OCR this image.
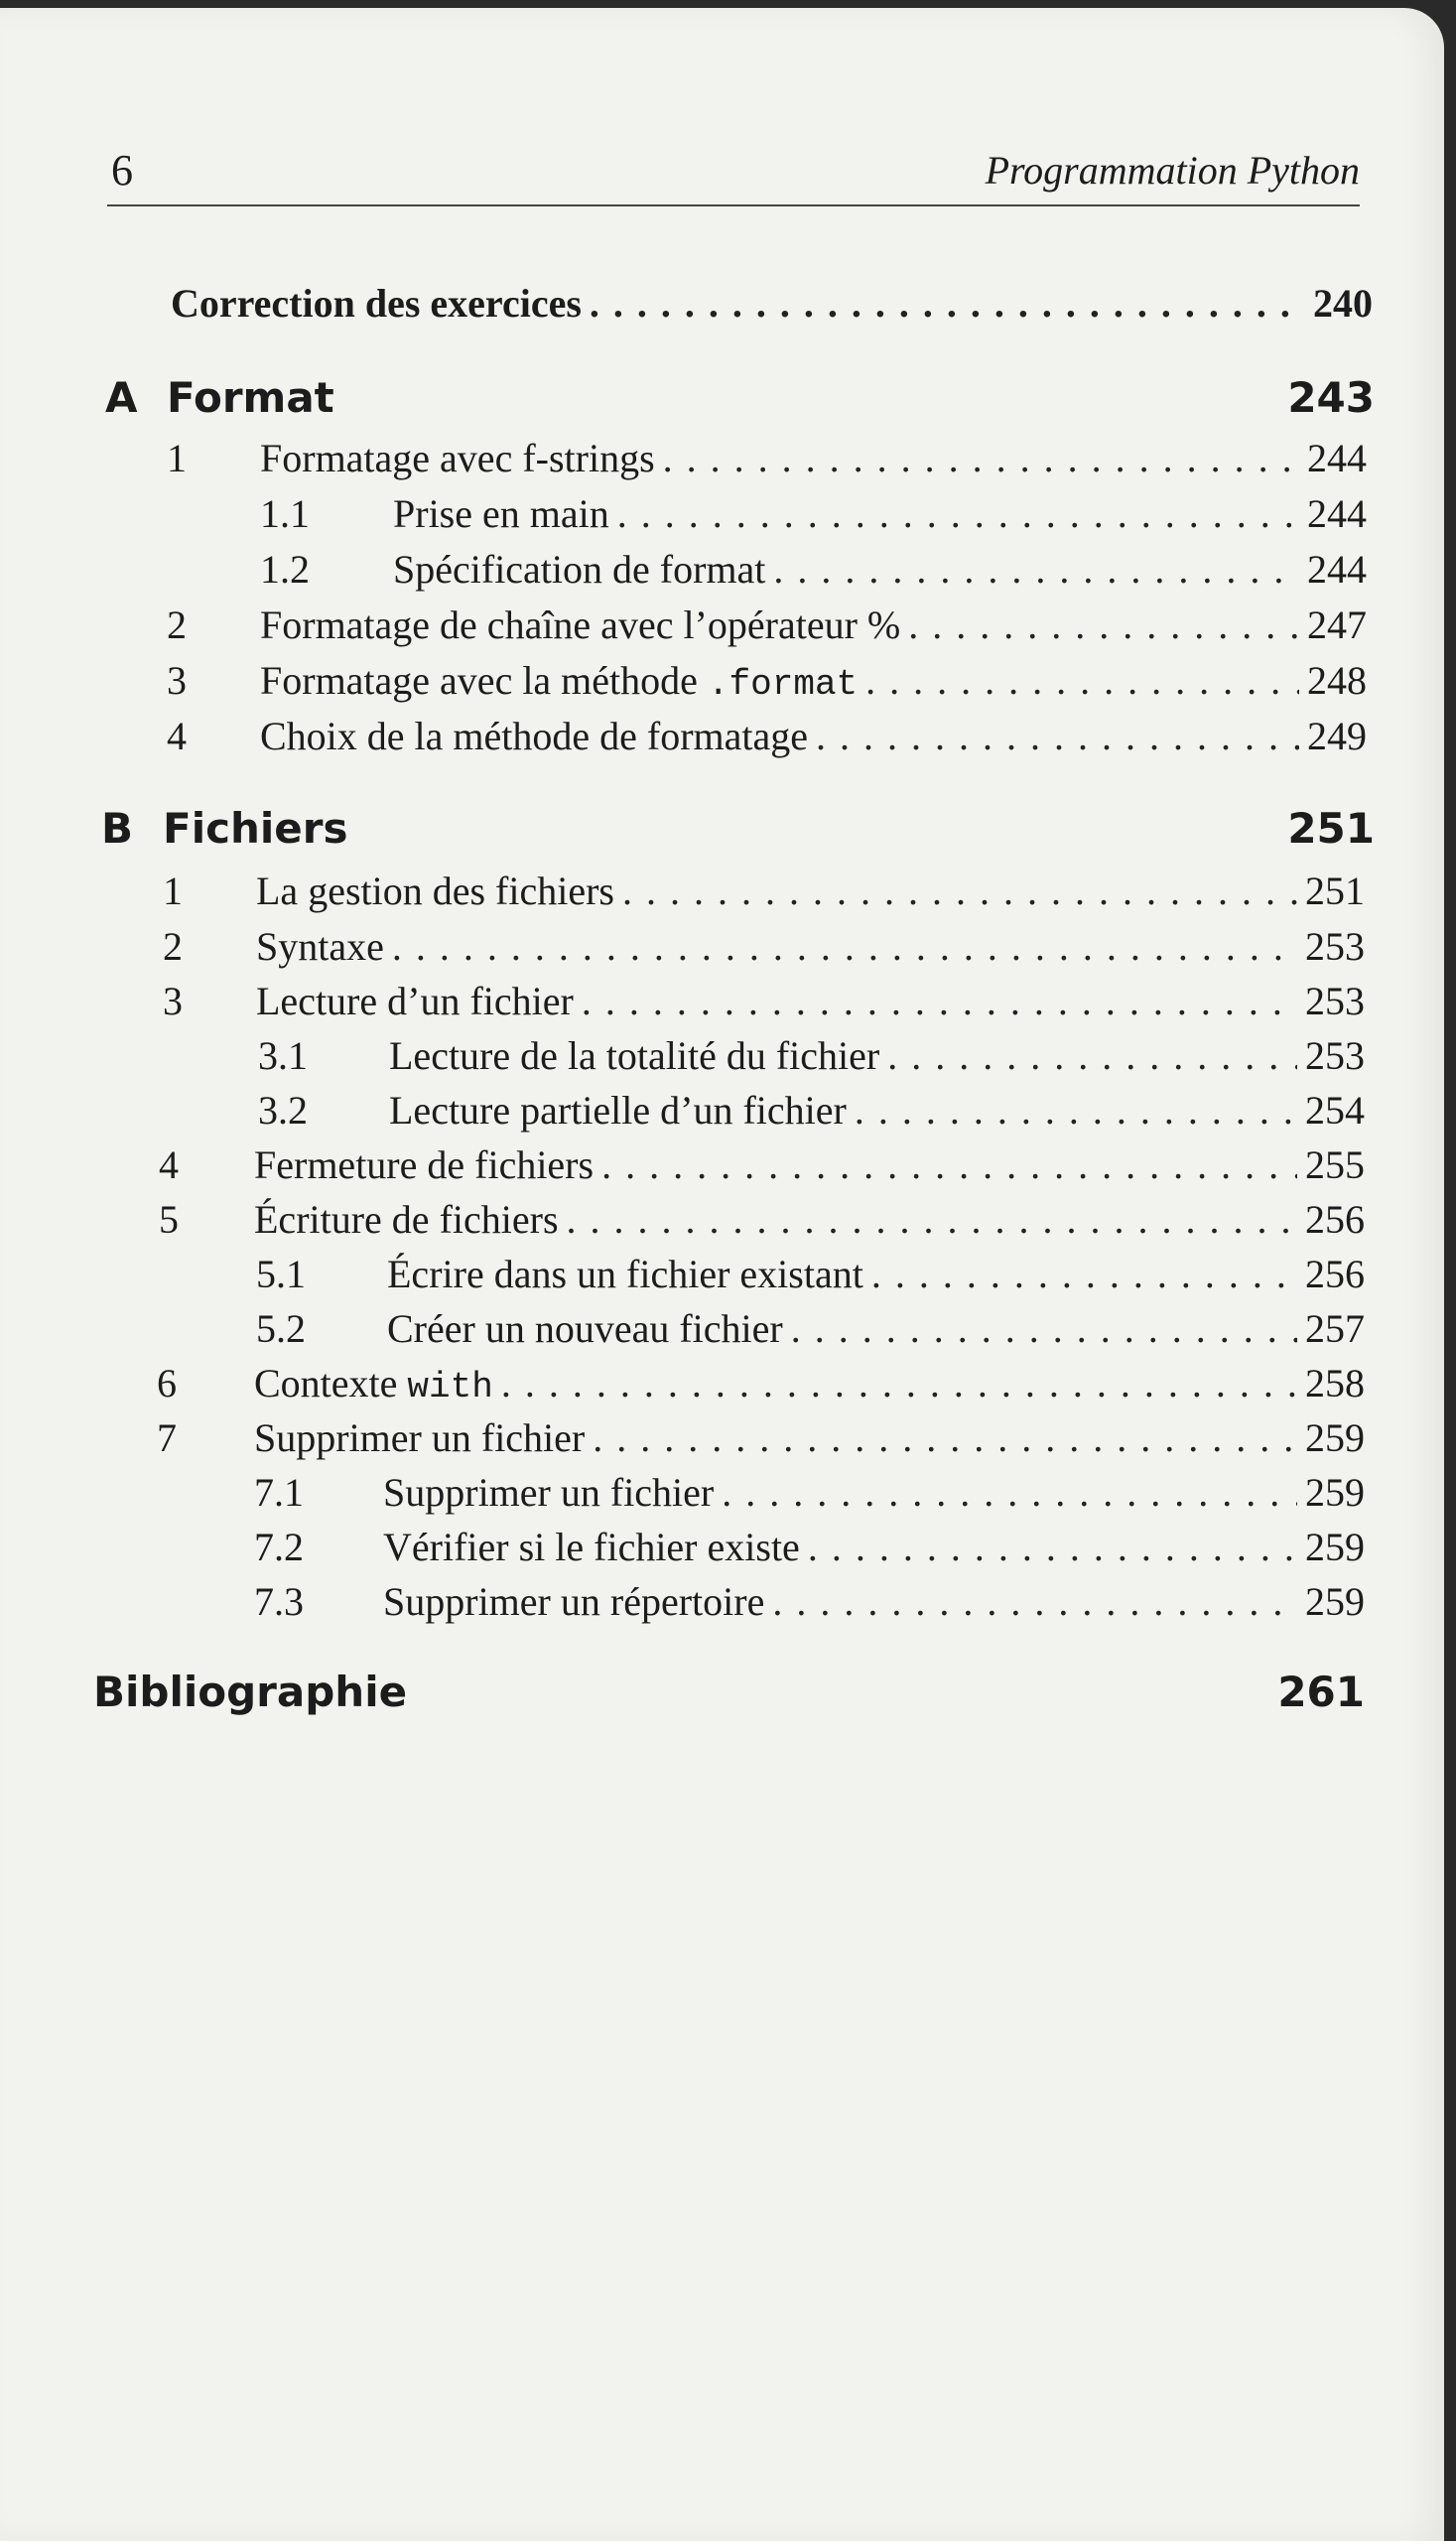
6	Programmation Python
Correction des exercices . . .	240
A Format	243
1	Formatage avec f-strings . . .	244
1.1	Prise en main . . .	244
1.2	Spécification de format . . .	244
2	Formatage de chaîne avec l’opérateur % . . .	247
3	Formatage avec la méthode .format . . .	248
4	Choix de la méthode de formatage . . .	249
B Fichiers	251
1	La gestion des fichiers . . .	251
2	Syntaxe . . .	253
3	Lecture d’un fichier . . .	253
3.1	Lecture de la totalité du fichier . . .	253
3.2	Lecture partielle d’un fichier . . .	254
4	Fermeture de fichiers . . .	255
5	Écriture de fichiers . . .	256
5.1	Écrire dans un fichier existant . . .	256
5.2	Créer un nouveau fichier . . .	257
6	Contexte with . . .	258
7	Supprimer un fichier . . .	259
7.1	Supprimer un fichier . . .	259
7.2	Vérifier si le fichier existe . . .	259
7.3	Supprimer un répertoire . . .	259
Bibliographie	261
